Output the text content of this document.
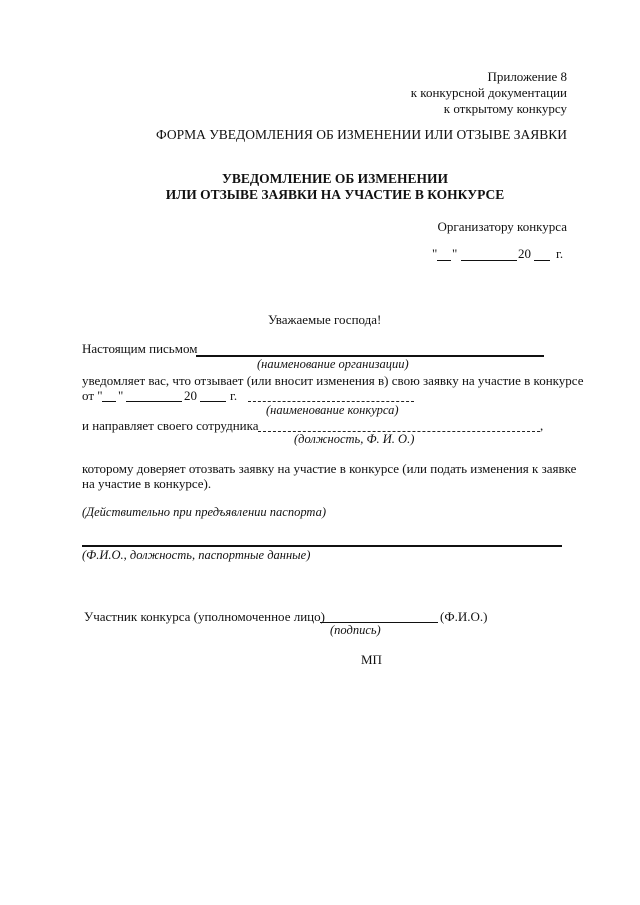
Приложение 8
к конкурсной документации
к открытому конкурсу
ФОРМА УВЕДОМЛЕНИЯ ОБ ИЗМЕНЕНИИ ИЛИ ОТЗЫВЕ ЗАЯВКИ
УВЕДОМЛЕНИЕ ОБ ИЗМЕНЕНИИ
ИЛИ ОТЗЫВЕ ЗАЯВКИ НА УЧАСТИЕ В КОНКУРСЕ
Организатору конкурса
" "	20 г.
Уважаемые господа!
Настоящим письмом
(наименование организации)
уведомляет вас, что отзывает (или вносит изменения в) свою заявку на участие в конкурсе
от " "	20	г.
(наименование конкурса)
и направляет своего сотрудника	,
(должность, Ф. И. О.)
которому доверяет отозвать заявку на участие в конкурсе (или подать изменения к заявке
на участие в конкурсе).
(Действительно при предъявлении паспорта)
(Ф.И.О., должность, паспортные данные)
Участник конкурса (уполномоченное лицо)	(Ф.И.О.)
(подпись)
МП
